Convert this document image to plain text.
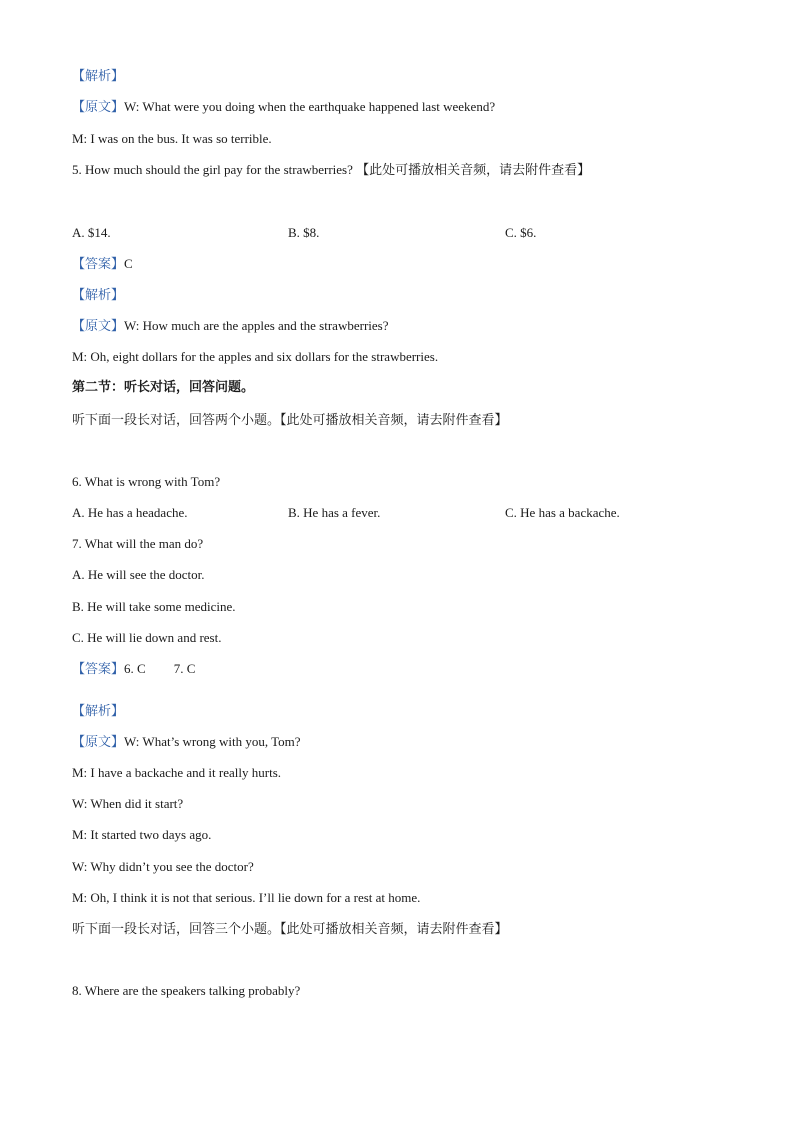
【解析】
【原文】W: What were you doing when the earthquake happened last weekend?
M: I was on the bus. It was so terrible.
5. How much should the girl pay for the strawberries? 【此处可播放相关音频，请去附件查看】
A. $14.	B. $8.	C. $6.
【答案】C
【解析】
【原文】W: How much are the apples and the strawberries?
M: Oh, eight dollars for the apples and six dollars for the strawberries.
第二节：听长对话，回答问题。
听下面一段长对话，回答两个小题。【此处可播放相关音频，请去附件查看】
6. What is wrong with Tom?
A. He has a headache.	B. He has a fever.	C. He has a backache.
7. What will the man do?
A. He will see the doctor.
B. He will take some medicine.
C. He will lie down and rest.
【答案】6. C 7. C
【解析】
【原文】W: What’s wrong with you, Tom?
M: I have a backache and it really hurts.
W: When did it start?
M: It started two days ago.
W: Why didn’t you see the doctor?
M: Oh, I think it is not that serious. I’ll lie down for a rest at home.
听下面一段长对话，回答三个小题。【此处可播放相关音频，请去附件查看】
8. Where are the speakers talking probably?
